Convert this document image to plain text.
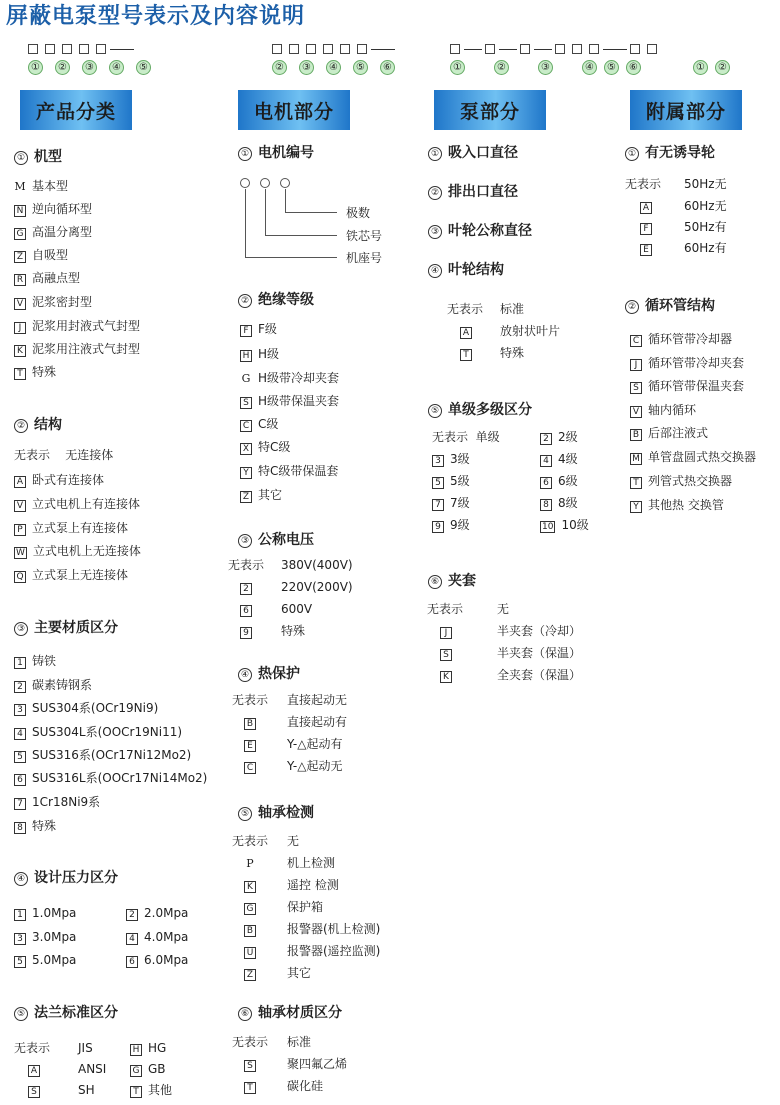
屏蔽电泵型号表示及内容说明
①	②	③	④	⑤	②	③	④	⑤	⑥	①	②	③	④	⑤	⑥	①	②
产品分类	电机部分	泵部分	附属部分
① 机型
M 基本型
N 逆向循环型
G 高温分离型
Z 自吸型
R 高融点型
V 泥浆密封型
J 泥浆用封液式气封型
K 泥浆用注液式气封型
T 特殊
② 结构
无表示 无连接体
A 卧式有连接体
V 立式电机上有连接体
P 立式泵上有连接体
W 立式电机上无连接体
Q 立式泵上无连接体
③ 主要材质区分
1 铸铁
2 碳素铸钢系
3 SUS304系(OCr19Ni9)
4 SUS304L系(OOCr19Ni11)
5 SUS316系(OCr17Ni12Mo2)
6 SUS316L系(OOCr17Ni14Mo2)
7 1Cr18Ni9系
8 特殊
④ 设计压力区分
1 1.0Mpa	2 2.0Mpa
3 3.0Mpa	4 4.0Mpa
5 5.0Mpa	6 6.0Mpa
⑤ 法兰标准区分
无表示 JIS	H HG
A	ANSI	G GB
S	SH	T 其他
① 电机编号
极数
铁芯号
机座号
② 绝缘等级
F F级
H H级
G H级带冷却夹套
S H级带保温夹套
C C级
X 特C级
Y 特C级带保温套
Z 其它
③ 公称电压
无表示 380V(400V)
2	220V(200V)
6	600V
9	特殊
④ 热保护
无表示 直接起动无
B	直接起动有
E	Y-△起动有
C	Y-△起动无
⑤ 轴承检测
无表示 无
P	机上检测
K	遥控 检测
G	保护箱
B	报警器(机上检测)
U	报警器(遥控监测)
Z	其它
⑥ 轴承材质区分
无表示 标准
S	聚四氟乙烯
T	碳化硅
① 吸入口直径
② 排出口直径
③ 叶轮公称直径
④ 叶轮结构
无表示 标准
A	放射状叶片
T	特殊
⑤ 单级多级区分
无表示 单级	2 2级
3 3级	4 4级
5 5级	6 6级
7 7级	8 8级
9 9级	10 10级
⑥ 夹套
无表示	无
J	半夹套（冷却）
S	半夹套（保温）
K	全夹套（保温）
① 有无诱导轮
无表示 50Hz无
A	60Hz无
F	50Hz有
E	60Hz有
② 循环管结构
C 循环管带冷却器
J 循环管带冷却夹套
S 循环管带保温夹套
V 轴内循环
B 后部注液式
M 单管盘圆式热交换器
T 列管式热交换器
Y 其他热 交换管
